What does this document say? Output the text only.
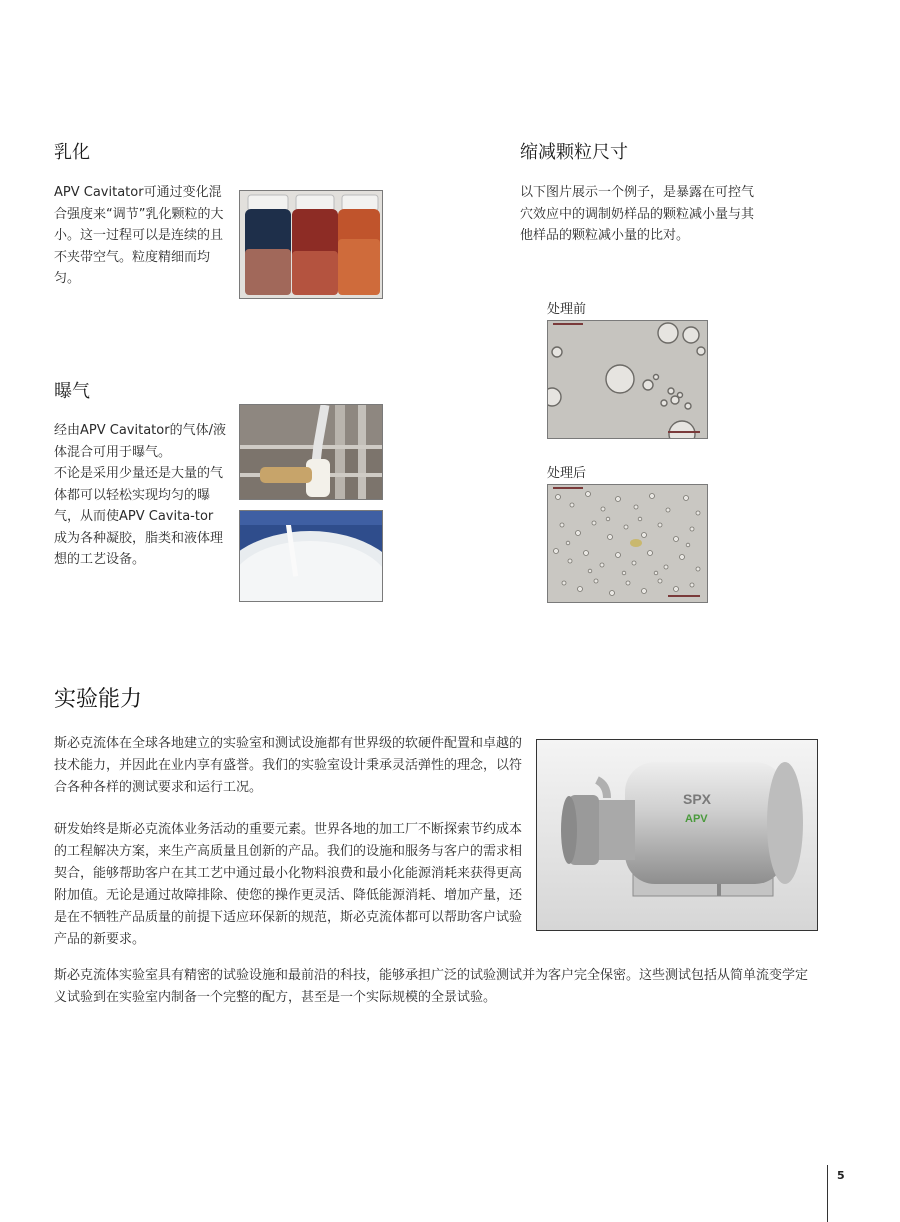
乳化

APV Cavitator可通过变化混合强度来“调节”乳化颗粒的大小。这一过程可以是连续的且不夹带空气。粒度精细而均匀。

曝气

经由APV Cavitator的气体/液体混合可用于曝气。

不论是采用少量还是大量的气体都可以轻松实现均匀的曝气，从而使APV Cavita-tor成为各种凝胶，脂类和液体理想的工艺设备。

缩减颗粒尺寸

以下图片展示一个例子，是暴露在可控气穴效应中的调制奶样品的颗粒减小量与其他样品的颗粒减小量的比对。

处理前
处理后
实验能力

斯必克流体在全球各地建立的实验室和测试设施都有世界级的软硬件配置和卓越的技术能力，并因此在业内享有盛誉。我们的实验室设计秉承灵活弹性的理念，以符合各种各样的测试要求和运行工况。

研发始终是斯必克流体业务活动的重要元素。世界各地的加工厂不断探索节约成本的工程解决方案，来生产高质量且创新的产品。我们的设施和服务与客户的需求相契合，能够帮助客户在其工艺中通过最小化物料浪费和最小化能源消耗来获得更高附加值。无论是通过故障排除、使您的操作更灵活、降低能源消耗、增加产量，还是在不牺牲产品质量的前提下适应环保新的规范，斯必克流体都可以帮助客户试验产品的新要求。

斯必克流体实验室具有精密的试验设施和最前沿的科技，能够承担广泛的试验测试并为客户完全保密。这些测试包括从简单流变学定义试验到在实验室内制备一个完整的配方，甚至是一个实际规模的全景试验。

SPX
APV
5
